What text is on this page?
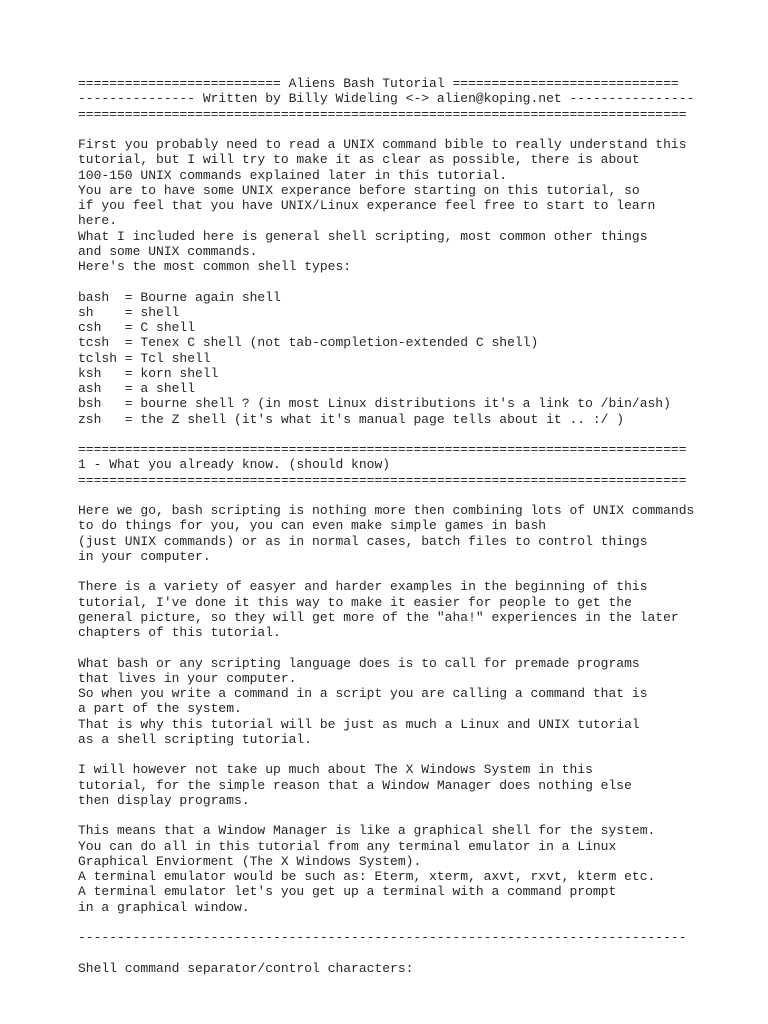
========================== Aliens Bash Tutorial =============================
--------------- Written by Billy Wideling <-> alien@koping.net ----------------
==============================================================================
First you probably need to read a UNIX command bible to really understand this
tutorial, but I will try to make it as clear as possible, there is about
100-150 UNIX commands explained later in this tutorial.
You are to have some UNIX experance before starting on this tutorial, so
if you feel that you have UNIX/Linux experance feel free to start to learn
here.
What I included here is general shell scripting, most common other things
and some UNIX commands.
Here's the most common shell types:
bash  = Bourne again shell
sh    = shell
csh   = C shell
tcsh  = Tenex C shell (not tab-completion-extended C shell)
tclsh = Tcl shell
ksh   = korn shell
ash   = a shell
bsh   = bourne shell ? (in most Linux distributions it's a link to /bin/ash)
zsh   = the Z shell (it's what it's manual page tells about it .. :/ )
==============================================================================
1 - What you already know. (should know)
==============================================================================
Here we go, bash scripting is nothing more then combining lots of UNIX commands
to do things for you, you can even make simple games in bash
(just UNIX commands) or as in normal cases, batch files to control things
in your computer.
There is a variety of easyer and harder examples in the beginning of this
tutorial, I've done it this way to make it easier for people to get the
general picture, so they will get more of the "aha!" experiences in the later
chapters of this tutorial.
What bash or any scripting language does is to call for premade programs
that lives in your computer.
So when you write a command in a script you are calling a command that is
a part of the system.
That is why this tutorial will be just as much a Linux and UNIX tutorial
as a shell scripting tutorial.
I will however not take up much about The X Windows System in this
tutorial, for the simple reason that a Window Manager does nothing else
then display programs.
This means that a Window Manager is like a graphical shell for the system.
You can do all in this tutorial from any terminal emulator in a Linux
Graphical Enviorment (The X Windows System).
A terminal emulator would be such as: Eterm, xterm, axvt, rxvt, kterm etc.
A terminal emulator let's you get up a terminal with a command prompt
in a graphical window.
------------------------------------------------------------------------------
Shell command separator/control characters:
